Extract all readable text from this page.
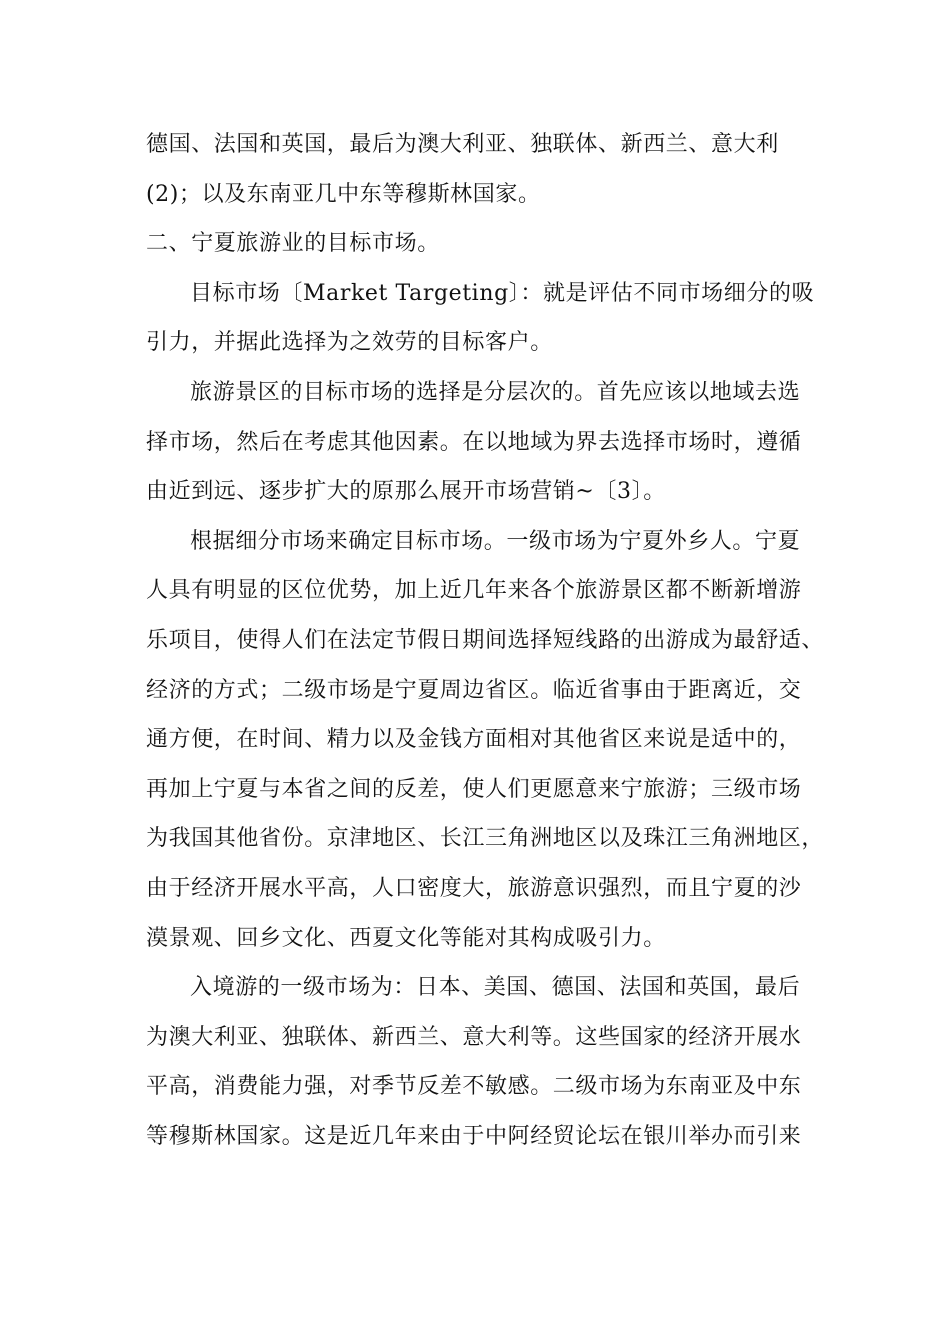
德国、法国和英国，最后为澳大利亚、独联体、新西兰、意大利
(2)；以及东南亚几中东等穆斯林国家。
二、宁夏旅游业的目标市场。
目标市场〔Market Targeting〕：就是评估不同市场细分的吸
引力，并据此选择为之效劳的目标客户。
旅游景区的目标市场的选择是分层次的。首先应该以地域去选
择市场，然后在考虑其他因素。在以地域为界去选择市场时，遵循
由近到远、逐步扩大的原那么展开市场营销~〔3〕。
根据细分市场来确定目标市场。一级市场为宁夏外乡人。宁夏
人具有明显的区位优势，加上近几年来各个旅游景区都不断新增游
乐项目，使得人们在法定节假日期间选择短线路的出游成为最舒适、
经济的方式；二级市场是宁夏周边省区。临近省事由于距离近，交
通方便，在时间、精力以及金钱方面相对其他省区来说是适中的，
再加上宁夏与本省之间的反差，使人们更愿意来宁旅游；三级市场
为我国其他省份。京津地区、长江三角洲地区以及珠江三角洲地区，
由于经济开展水平高，人口密度大，旅游意识强烈，而且宁夏的沙
漠景观、回乡文化、西夏文化等能对其构成吸引力。
入境游的一级市场为：日本、美国、德国、法国和英国，最后
为澳大利亚、独联体、新西兰、意大利等。这些国家的经济开展水
平高，消费能力强，对季节反差不敏感。二级市场为东南亚及中东
等穆斯林国家。这是近几年来由于中阿经贸论坛在银川举办而引来
